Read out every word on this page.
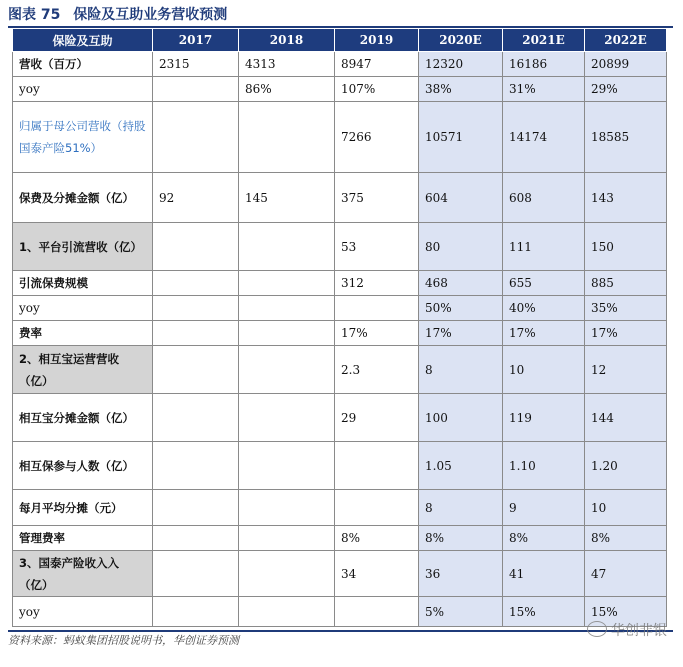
图表 75 保险及互助业务营收预测
保险及互助	2017	2018	2019	2020E	2021E	2022E
营收（百万）	2315	4313	8947	12320	16186	20899
yoy		86%	107%	38%	31%	29%
归属于母公司营收（持股国泰产险51%）			7266	10571	14174	18585
保费及分摊金额（亿）	92	145	375	604	608	143
1、平台引流营收（亿）			53	80	111	150
引流保费规模			312	468	655	885
yoy				50%	40%	35%
费率			17%	17%	17%	17%
2、相互宝运营营收（亿）			2.3	8	10	12
相互宝分摊金额（亿）			29	100	119	144
相互保参与人数（亿）				1.05	1.10	1.20
每月平均分摊（元）				8	9	10
管理费率			8%	8%	8%	8%
3、国泰产险收入入（亿）			34	36	41	47
yoy				5%	15%	15%
资料来源：蚂蚁集团招股说明书，华创证券预测
华创非银
